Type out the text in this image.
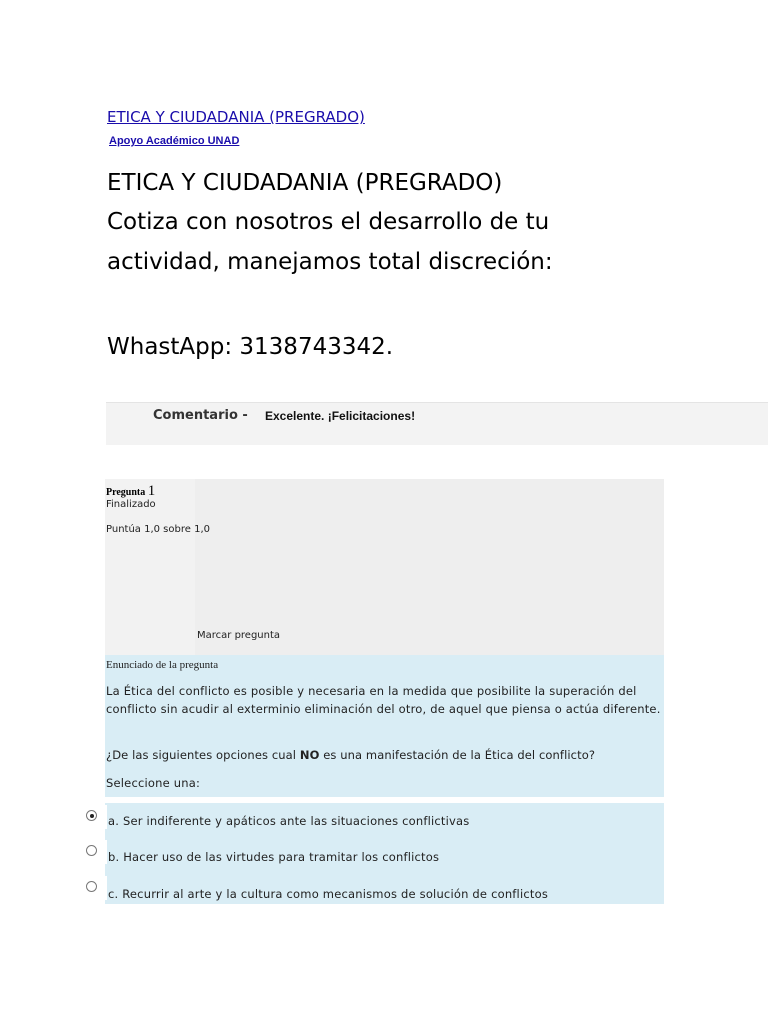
ETICA Y CIUDADANIA (PREGRADO)
Apoyo Académico UNAD
ETICA Y CIUDADANIA (PREGRADO)
Cotiza con nosotros el desarrollo de tu
actividad, manejamos total discreción:
WhastApp: 3138743342.
Comentario - Excelente. ¡Felicitaciones!
Pregunta 1
Finalizado
Puntúa 1,0 sobre 1,0
Marcar pregunta
Enunciado de la pregunta
La Ética del conflicto es posible y necesaria en la medida que posibilite la superación del conflicto sin acudir al exterminio eliminación del otro, de aquel que piensa o actúa diferente.
¿De las siguientes opciones cual NO es una manifestación de la Ética del conflicto?
Seleccione una:
a. Ser indiferente y apáticos ante las situaciones conflictivas
b. Hacer uso de las virtudes para tramitar los conflictos
c. Recurrir al arte y la cultura como mecanismos de solución de conflictos
